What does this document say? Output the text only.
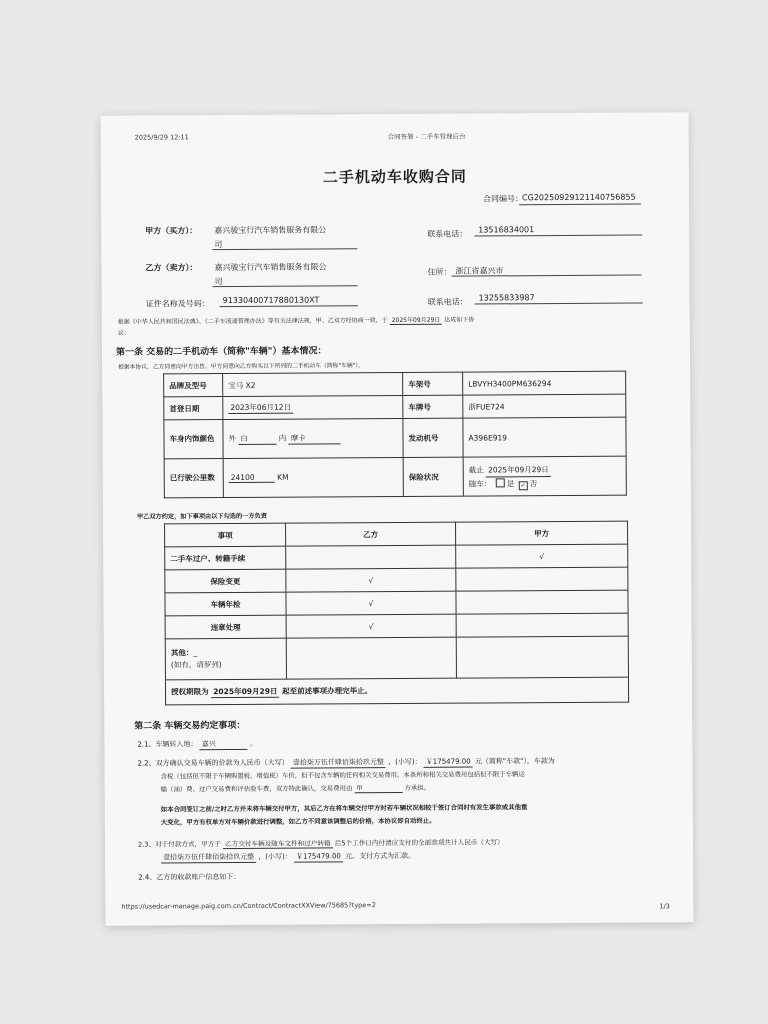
2025/9/29 12:11	合同签署 - 二手车管理后台
二手机动车收购合同
合同编号：
CG20250929121140756855
甲方（买方）： 嘉兴骏宝行汽车销售服务有限公
司
联系电话： 13516834001
乙方（卖方）： 嘉兴骏宝行汽车销售服务有限公
司
住所： 浙江省嘉兴市
证件名称及号码： 91330400717880130XT	联系电话： 13255833987
根据《中华人民共和国民法典》、《二手车流通管理办法》等有关法律法规，甲、乙双方经协商一致，于 2025年09月29日 达成如下协
议：
第一条 交易的二手机动车（简称"车辆"）基本情况：
根据本协议，乙方同意向甲方出售、甲方同意向乙方购买以下所列的二手机动车（简称"车辆"）。
品牌及型号	宝马 X2	车架号	LBVYH3400PM636294
首登日期	2023年06月12日	车牌号	浙FUE724
车身内饰颜色	外 白 内 摩卡	发动机号	A396E919
已行驶公里数	24100 KM	保险状况	截止 2025年09月29日
随车： 是 ✓ 否
甲乙双方约定，如下事项由以下勾选的一方负责
事项	乙方	甲方
二手车过户、转籍手续		√
保险变更	√	
车辆年检	√	
违章处理	√	
其他：_
(如有，请罗列)		
授权期限为 2025年09月29日 起至前述事项办理完毕止。		
第二条 车辆交易约定事项：
2.1、车辆转入地： 嘉兴	。
2.2、双方确认交易车辆的价款为人民币（大写） 壹拾柒万伍仟肆佰柒拾玖元整 ，(小写)： ￥175479.00 元（简称"车款"）。车款为
含税（包括但不限于车辆购置税、增值税）车价，但不包含车辆的任何相关交易费用。本条所称相关交易费用包括但不限于车辆运
输（油）费、过户交易费和评估验车费，双方特此确认，交易费用由 甲	方承担。
如本合同签订之前/之时乙方并未将车辆交付甲方，其后乙方在将车辆交付甲方时若车辆状况相较于签订合同时有发生事故或其他重
大变化，甲方有权单方对车辆价款进行调整，如乙方不同意该调整后的价格，本协议即自动终止。
2.3、对于付款方式，甲方于 乙方交付车辆及随车文件和过户转籍 后5个工作日内付清应支付的全部款项共计人民币（大写）
壹拾柒万伍仟肆佰柒拾玖元整 ，(小写)： ￥175479.00 元。支付方式为汇款。
2.4、乙方的收款账户信息如下：
https://usedcar-manage.paig.com.cn/Contract/ContractXXView/75685?type=2	1/3
